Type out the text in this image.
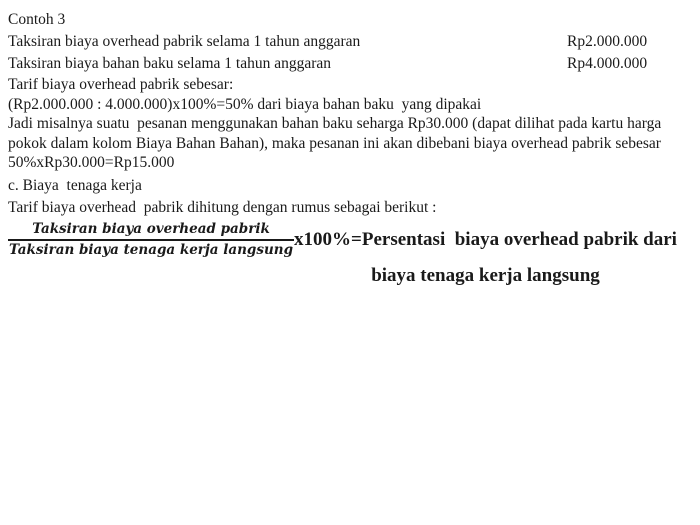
Contoh 3
Taksiran biaya overhead pabrik selama 1 tahun anggaran	Rp2.000.000
Taksiran biaya bahan baku selama 1 tahun anggaran	Rp4.000.000
Tarif biaya overhead pabrik sebesar:
(Rp2.000.000 : 4.000.000)x100%=50% dari biaya bahan baku  yang dipakai
Jadi misalnya suatu  pesanan menggunakan bahan baku seharga Rp30.000 (dapat dilihat pada kartu harga
pokok dalam kolom Biaya Bahan Bahan), maka pesanan ini akan dibebani biaya overhead pabrik sebesar
50%xRp30.000=Rp15.000
c. Biaya  tenaga kerja
Tarif biaya overhead  pabrik dihitung dengan rumus sebagai berikut :
$\frac{\text{Taksiran biaya overhead pabrik}}{\text{Taksiran biaya tenaga kerja langsung}}$ x100%=Persentasi  biaya overhead pabrik dari
biaya tenaga kerja langsung
